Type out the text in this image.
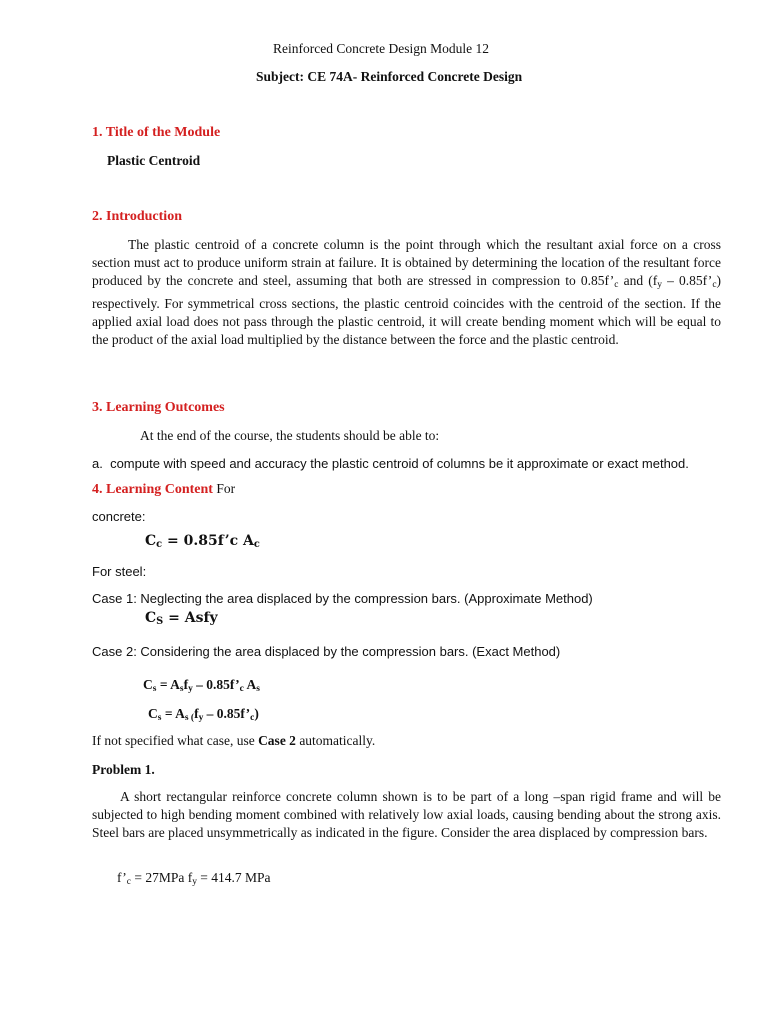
Reinforced Concrete Design Module 12
Subject: CE 74A- Reinforced Concrete Design
1. Title of the Module
Plastic Centroid
2. Introduction
The plastic centroid of a concrete column is the point through which the resultant axial force on a cross section must act to produce uniform strain at failure. It is obtained by determining the location of the resultant force produced by the concrete and steel, assuming that both are stressed in compression to $0.85f’_c$ and ($f_y$ – $0.85f’_c$) respectively. For symmetrical cross sections, the plastic centroid coincides with the centroid of the section. If the applied axial load does not pass through the plastic centroid, it will create bending moment which will be equal to the product of the axial load multiplied by the distance between the force and the plastic centroid.
3. Learning Outcomes
At the end of the course, the students should be able to:
a. compute with speed and accuracy the plastic centroid of columns be it approximate or exact method.
4. Learning Content For
concrete:
$C_c$ = 0.85f’c $A_c$
For steel:
Case 1: Neglecting the area displaced by the compression bars. (Approximate Method)
$C_S$ = Asfy
Case 2: Considering the area displaced by the compression bars. (Exact Method)
$C_s = A_sf_y$ – $0.85f’_c$ $A_s$
$C_s = A_{s (}f_y$ – $0.85f’_c$)
If not specified what case, use Case 2 automatically.
Problem 1.
A short rectangular reinforce concrete column shown is to be part of a long –span rigid frame and will be subjected to high bending moment combined with relatively low axial loads, causing bending about the strong axis. Steel bars are placed unsymmetrically as indicated in the figure. Consider the area displaced by compression bars.
$f’_c = 27MPa$ $f_y = 414.7$ MPa
